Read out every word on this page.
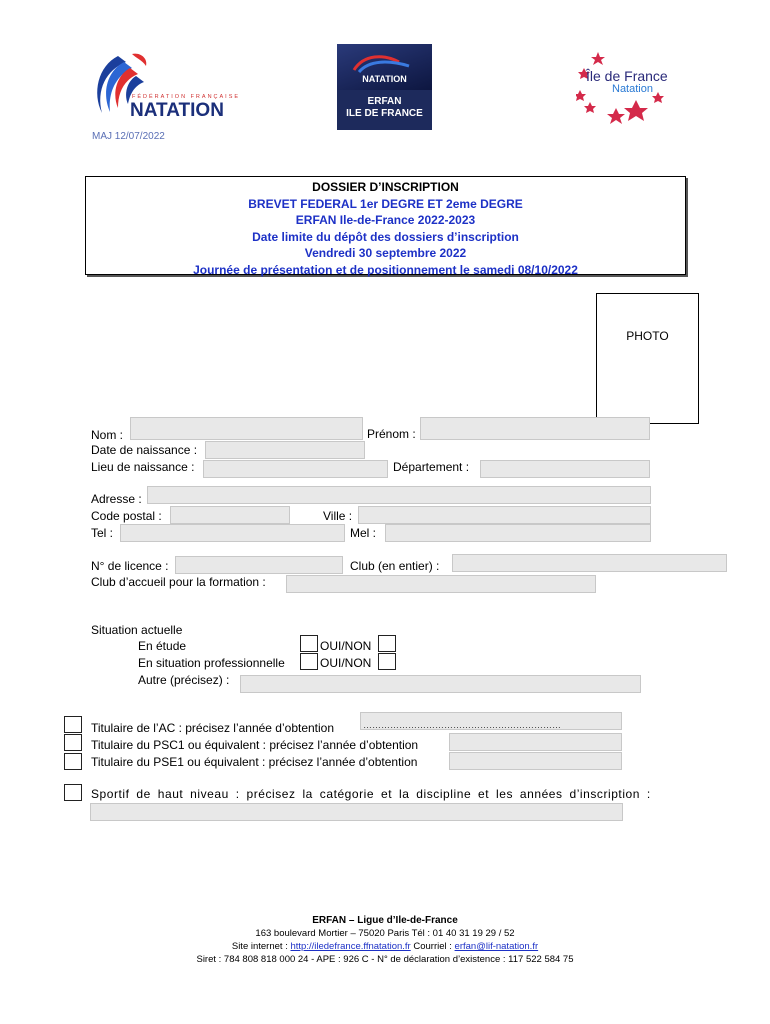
FÉDÉRATION FRANÇAISE
NATATION
NATATION
ERFAN
ILE DE FRANCE
Île de France
Natation
MAJ 12/07/2022
DOSSIER D’INSCRIPTION
BREVET FEDERAL 1er DEGRE ET 2eme DEGRE
ERFAN Ile-de-France 2022-2023
Date limite du dépôt des dossiers d’inscription
Vendredi 30 septembre 2022
Journée de présentation et de positionnement le samedi 08/10/2022
PHOTO
Nom :	Prénom :
Date de naissance :
Lieu de naissance :	Département :
Adresse :
Code postal :	Ville :
Tel :	Mel :
N° de licence :	Club (en entier) :
Club d’accueil pour la formation :
Situation actuelle
En étude	OUI/NON
En situation professionnelle	OUI/NON
Autre (précisez) :
Titulaire de l’AC : précisez l’année d’obtention	…………………………………………………………
Titulaire du PSC1 ou équivalent : précisez l’année d’obtention
Titulaire du PSE1 ou équivalent : précisez l’année d’obtention
Sportif de haut niveau : précisez la catégorie et la discipline et les années d’inscription :
ERFAN – Ligue d’Ile-de-France
163 boulevard Mortier – 75020 Paris Tél : 01 40 31 19 29 / 52
Site internet : http://iledefrance.ffnatation.fr Courriel : erfan@lif-natation.fr
Siret : 784 808 818 000 24 - APE : 926 C - N° de déclaration d’existence : 117 522 584 75
